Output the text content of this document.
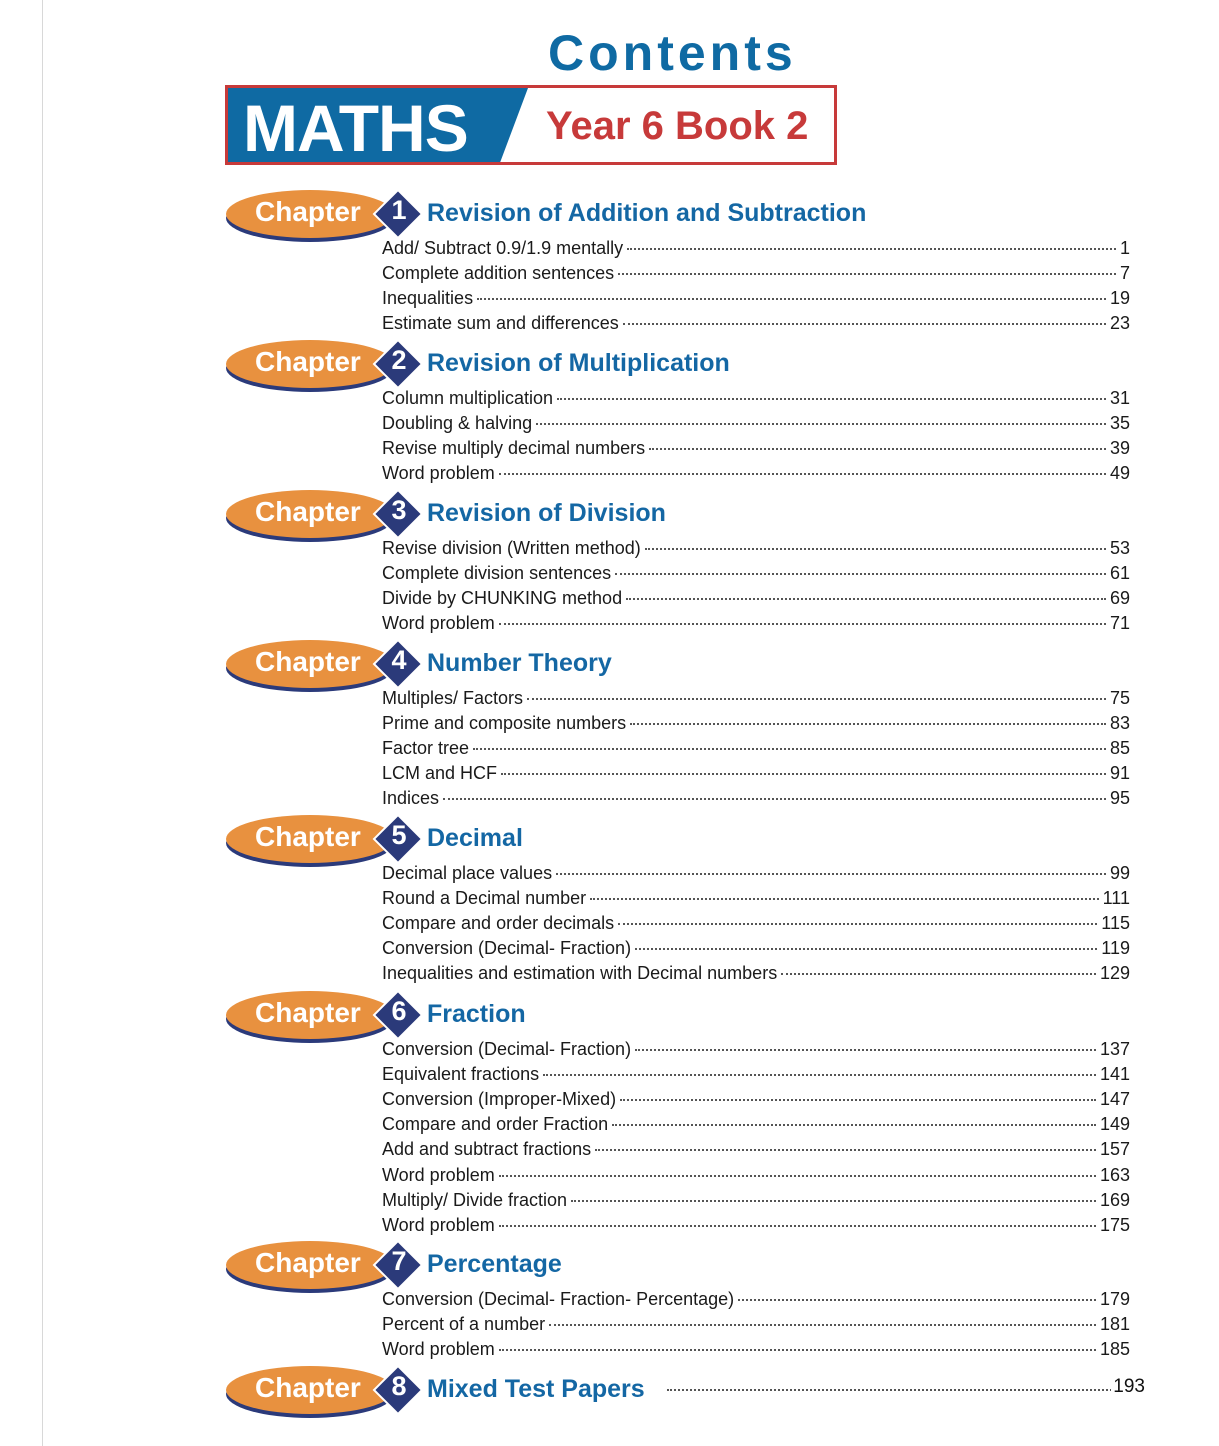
Contents
MATHS Year 6 Book 2
Chapter 1 Revision of Addition and Subtraction
Add/ Subtract 0.9/1.9 mentally	1
Complete addition sentences	7
Inequalities	19
Estimate sum and differences	23
Chapter 2 Revision of Multiplication
Column multiplication	31
Doubling & halving	35
Revise multiply decimal numbers	39
Word problem	49
Chapter 3 Revision of Division
Revise division (Written method)	53
Complete division sentences	61
Divide by CHUNKING method	69
Word problem	71
Chapter 4 Number Theory
Multiples/ Factors	75
Prime and composite numbers	83
Factor tree	85
LCM and HCF	91
Indices	95
Chapter 5 Decimal
Decimal place values	99
Round a Decimal number	111
Compare and order decimals	115
Conversion (Decimal- Fraction)	119
Inequalities and estimation with Decimal numbers	129
Chapter 6 Fraction
Conversion (Decimal- Fraction)	137
Equivalent fractions	141
Conversion (Improper-Mixed)	147
Compare and order Fraction	149
Add and subtract fractions	157
Word problem	163
Multiply/ Divide fraction	169
Word problem	175
Chapter 7 Percentage
Conversion (Decimal- Fraction- Percentage)	179
Percent of a number	181
Word problem	185
Chapter 8 Mixed Test Papers	193
